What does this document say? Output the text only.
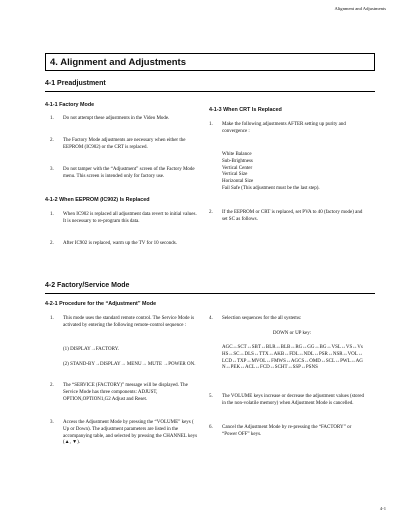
Alignment and Adjustments
4. Alignment and Adjustments
4-1 Preadjustment
4-1-1 Factory Mode
1. Do not attempt these adjustments in the Video Mode.
2. The Factory Mode adjustments are necessary when either the EEPROM (IC902) or the CRT is replaced.
3. Do not tamper with the “Adjustment” screen of the Factory Mode menu. This screen is intended only for factory use.
4-1-2 When EEPROM (IC902) Is Replaced
1. When IC902 is replaced all adjustment data revert to initial values. It is necessary to re-program this data.
2. After IC902 is replaced, warm up the TV for 10 seconds.
4-1-3 When CRT Is Replaced
1. Make the following adjustments AFTER setting up purity and convergence :
White Balance
Sub-Brightness
Vertical Center
Vertical Size
Horizontal Size
Fail Safe (This adjustment must be the last step).
2. If the EEPROM or CRT is replaced, set PVA to 40 (factory mode) and set SC as follows.
4-2 Factory/Service Mode
4-2-1 Procedure for the “Adjustment” Mode
1. This mode uses the standard remote control. The Service Mode is activated by entering the following remote-control sequence :
(1) DISPLAY→FACTORY.
(2) STAND-BY→DISPLAY→ MENU→ MUTE →POWER ON.
2. The “SERVICE (FACTORY)” message will be displayed. The Service Mode has three components: ADJUST, OPTION,OPTION1,G2 Adjust and Reset.
3. Access the Adjustment Mode by pressing the “VOLUME” keys ( Up or Down). The adjustment parameters are listed in the accompanying table, and selected by pressing the CHANNEL keys (▲, ▼).
4. Selection sequences for the all systems:
DOWN or UP key:
AGC↔SCT↔SBT↔BLR↔BLB↔RG↔GG↔BG↔VSL↔VS↔VsHS↔SC↔DLS↔TTX↔AKB↔FDL↔NDL↔PSR↔NSR↔VOL↔LCD↔TXP↔MVOL↔FMWS↔AGCS↔OMD↔SCL↔PWL↔AGN↔PEK↔ACL↔FCD↔SCHT↔SSP↔PSNS
5. The VOLUME keys increase or decrease the adjustment values (stored in the non-volatile memory) when Adjustment Mode is cancelled.
6. Cancel the Adjustment Mode by re-pressing the “FACTORY” or “Power OFF” keys.
4-1
